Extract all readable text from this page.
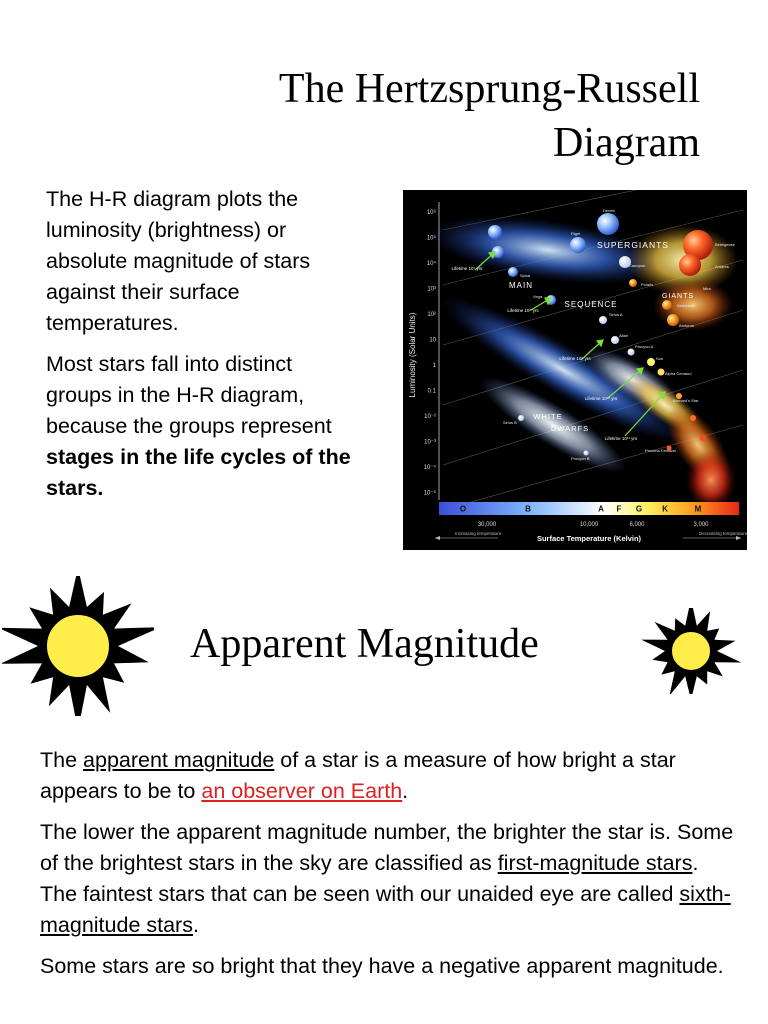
The Hertzsprung-Russell Diagram

The H-R diagram plots the luminosity (brightness) or absolute magnitude of stars against their surface temperatures.

Most stars fall into distinct groups in the H-R diagram, because the groups represent stages in the life cycles of the stars.

Luminosity (Solar Units)
10⁶
10⁵
10⁴
10³
10²
10
1
0.1
10⁻²
10⁻³
10⁻⁴
10⁻⁵
O	B	A F G K	M
30,000	10,000	6,000	3,000
Surface Temperature (Kelvin)
Increasing temperature	Decreasing temperature
SUPERGIANTS
GIANTS
MAIN
SEQUENCE
WHITE
DWARFS
Lifetime 10⁷ yrs
Lifetime 10⁸ yrs
Lifetime 10⁹ yrs
Lifetime 10¹⁰ yrs
Lifetime 10¹¹ yrs
Deneb
Rigel
Betelgeuse
Antares
Canopus
Polaris
Aldebaran
Arcturus
Mira
Spica
Vega
Sirius A
Altair
Procyon A
Sun
Alpha Centauri
Sirius B
Procyon B
Barnard's Star
Proxima Centauri
Apparent Magnitude

The apparent magnitude of a star is a measure of how bright a star appears to be to an observer on Earth.

The lower the apparent magnitude number, the brighter the star is. Some of the brightest stars in the sky are classified as first-magnitude stars. The faintest stars that can be seen with our unaided eye are called sixth-magnitude stars.

Some stars are so bright that they have a negative apparent magnitude.
